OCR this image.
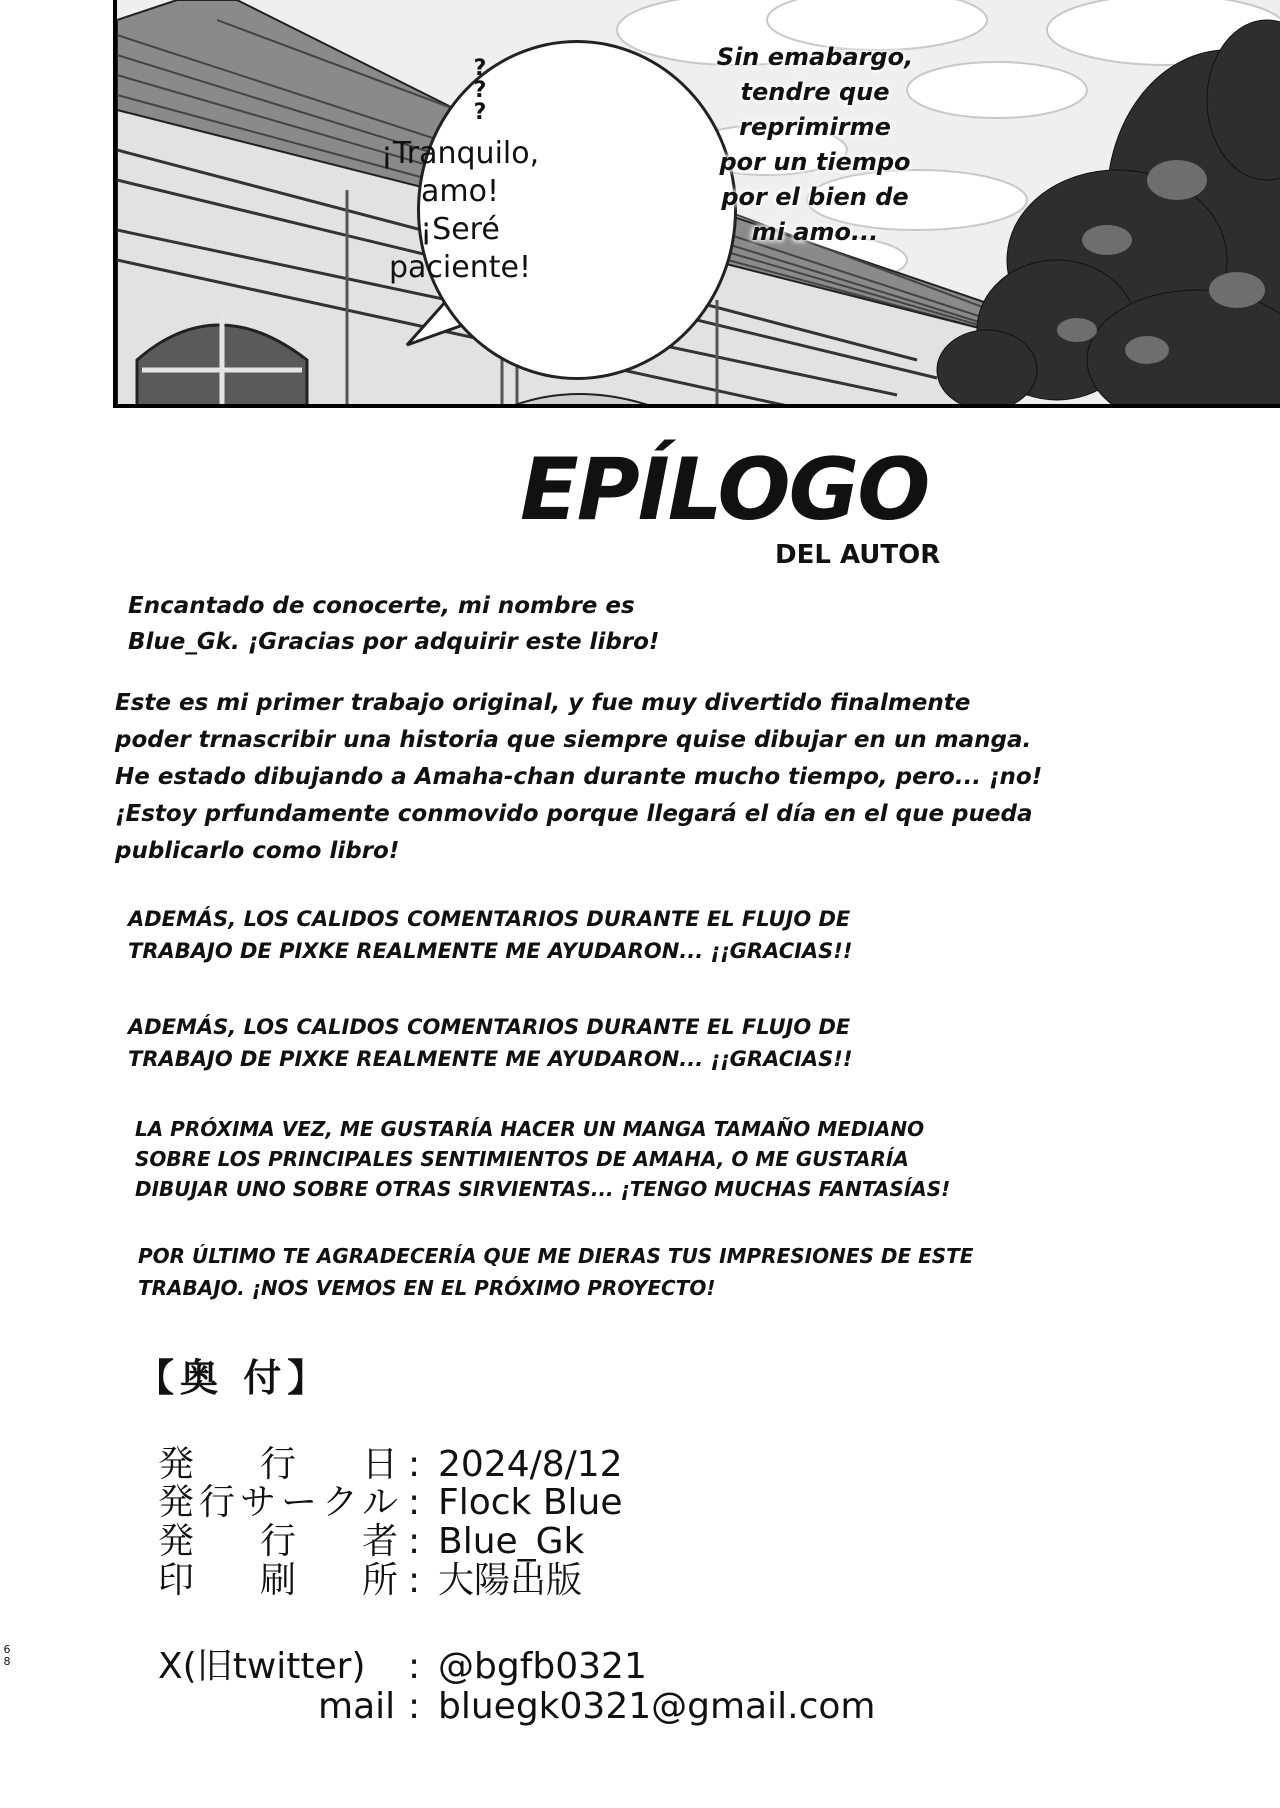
¡Tranquilo,
amo!
¡Seré
paciente!
?
?
?
Sin emabargo,
tendre que
reprimirme
por un tiempo
por el bien de
mi amo...
EPÍLOGO
DEL AUTOR
Encantado de conocerte, mi nombre es
Blue_Gk. ¡Gracias por adquirir este libro!
Este es mi primer trabajo original, y fue muy divertido finalmente
poder trnascribir una historia que siempre quise dibujar en un manga.
He estado dibujando a Amaha-chan durante mucho tiempo, pero... ¡no!
¡Estoy prfundamente conmovido porque llegará el día en el que pueda
publicarlo como libro!
ADEMÁS, LOS CALIDOS COMENTARIOS DURANTE EL FLUJO DE
TRABAJO DE PIXKE REALMENTE ME AYUDARON... ¡¡GRACIAS!!
ADEMÁS, LOS CALIDOS COMENTARIOS DURANTE EL FLUJO DE
TRABAJO DE PIXKE REALMENTE ME AYUDARON... ¡¡GRACIAS!!
LA PRÓXIMA VEZ, ME GUSTARÍA HACER UN MANGA TAMAÑO MEDIANO
SOBRE LOS PRINCIPALES SENTIMIENTOS DE AMAHA, O ME GUSTARÍA
DIBUJAR UNO SOBRE OTRAS SIRVIENTAS... ¡TENGO MUCHAS FANTASÍAS!
POR ÚLTIMO TE AGRADECERÍA QUE ME DIERAS TUS IMPRESIONES DE ESTE
TRABAJO. ¡NOS VEMOS EN EL PRÓXIMO PROYECTO!
【奥 付】
発行日 : 2024/8/12
発行サークル : Flock Blue
発行者 : Blue_Gk
印刷所 : 大陽出版
X(旧twitter) : @bgfb0321
mail : bluegk0321@gmail.com
68
